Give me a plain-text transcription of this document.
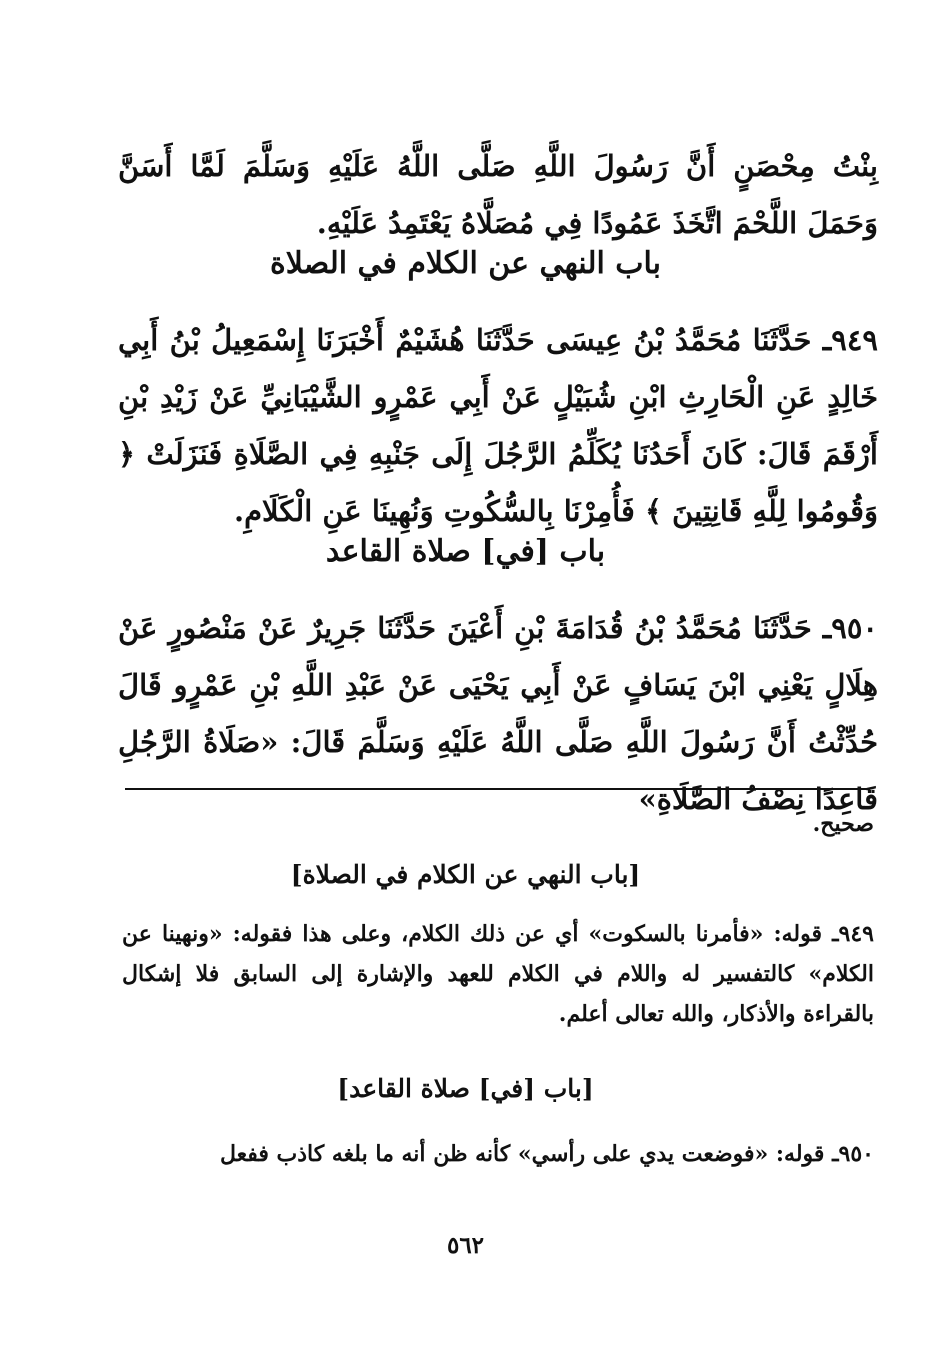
بِنْتُ مِحْصَنٍ أَنَّ رَسُولَ اللَّهِ صَلَّى اللَّهُ عَلَيْهِ وَسَلَّمَ لَمَّا أَسَنَّ وَحَمَلَ اللَّحْمَ اتَّخَذَ عَمُودًا فِي مُصَلَّاهُ يَعْتَمِدُ عَلَيْهِ.
باب النهي عن الكلام في الصلاة
٩٤٩ـ حَدَّثَنَا مُحَمَّدُ بْنُ عِيسَى حَدَّثَنَا هُشَيْمٌ أَخْبَرَنَا إِسْمَعِيلُ بْنُ أَبِي خَالِدٍ عَنِ الْحَارِثِ ابْنِ شُبَيْلٍ عَنْ أَبِي عَمْرٍو الشَّيْبَانِيِّ عَنْ زَيْدِ بْنِ أَرْقَمَ قَالَ: كَانَ أَحَدُنَا يُكَلِّمُ الرَّجُلَ إِلَى جَنْبِهِ فِي الصَّلَاةِ فَنَزَلَتْ ﴿ وَقُومُوا لِلَّهِ قَانِتِينَ ﴾ فَأُمِرْنَا بِالسُّكُوتِ وَنُهِينَا عَنِ الْكَلَامِ.
باب [في] صلاة القاعد
٩٥٠ـ حَدَّثَنَا مُحَمَّدُ بْنُ قُدَامَةَ بْنِ أَعْيَنَ حَدَّثَنَا جَرِيرٌ عَنْ مَنْصُورٍ عَنْ هِلَالٍ يَعْنِي ابْنَ يَسَافٍ عَنْ أَبِي يَحْيَى عَنْ عَبْدِ اللَّهِ بْنِ عَمْرٍو قَالَ حُدِّثْتُ أَنَّ رَسُولَ اللَّهِ صَلَّى اللَّهُ عَلَيْهِ وَسَلَّمَ قَالَ: «صَلَاةُ الرَّجُلِ قَاعِدًا نِصْفُ الصَّلَاةِ»
صحيح.
[باب النهي عن الكلام في الصلاة]
٩٤٩ـ قوله: «فأمرنا بالسكوت» أي عن ذلك الكلام، وعلى هذا فقوله: «ونهينا عن الكلام» كالتفسير له واللام في الكلام للعهد والإشارة إلى السابق فلا إشكال بالقراءة والأذكار، والله تعالى أعلم.
[باب [في] صلاة القاعد]
٩٥٠ـ قوله: «فوضعت يدي على رأسي» كأنه ظن أنه ما بلغه كاذب ففعل
٥٦٢
